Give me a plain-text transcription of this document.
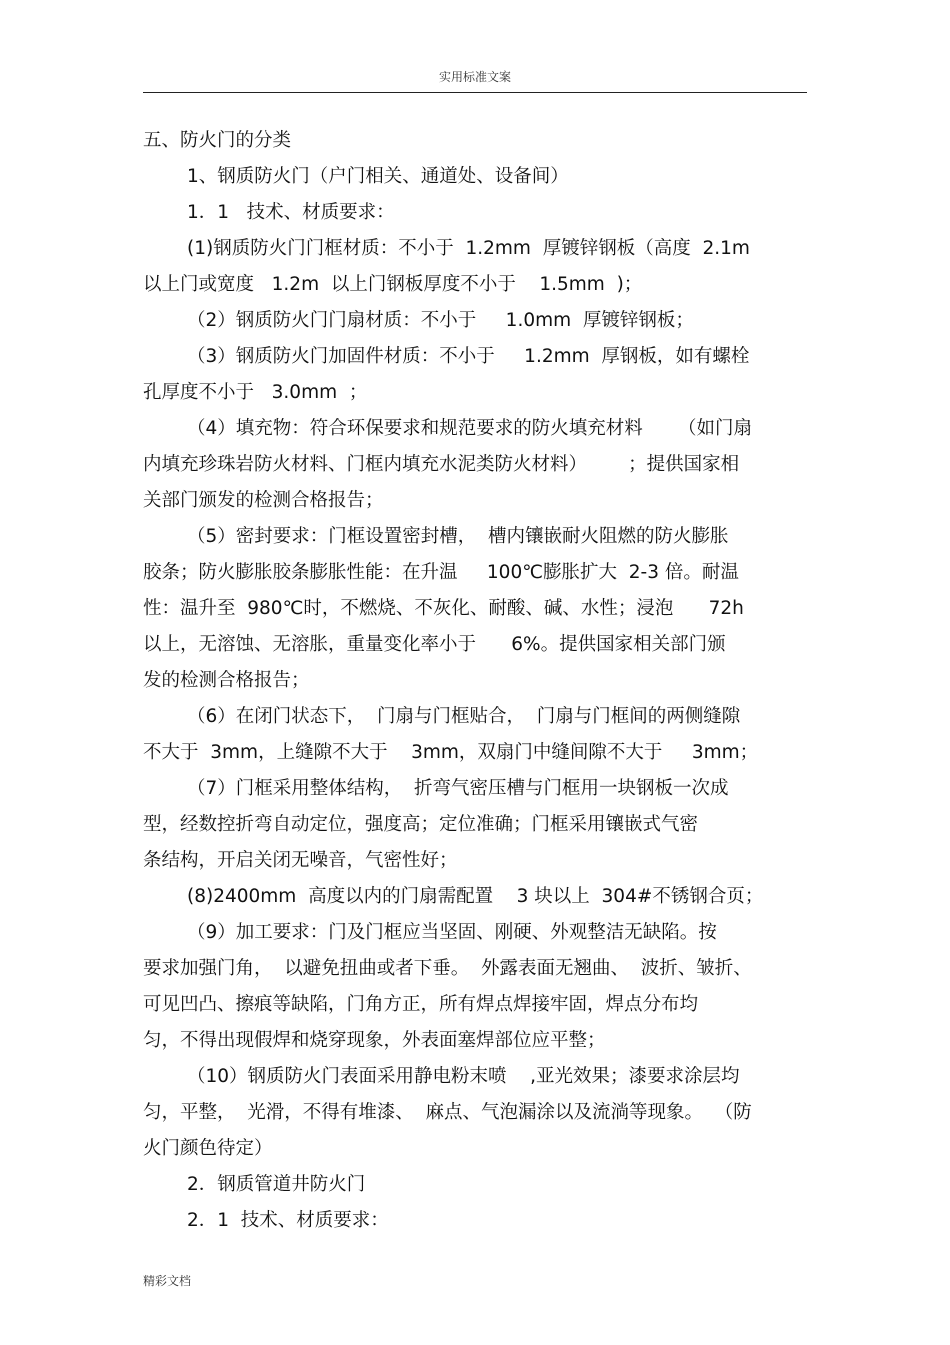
实用标准文案
五、防火门的分类
1、钢质防火门（户门相关、通道处、设备间）
1．1   技术、材质要求：
(1)钢质防火门门框材质：不小于  1.2mm  厚镀锌钢板（高度  2.1m
以上门或宽度   1.2m  以上门钢板厚度不小于    1.5mm  )；
（2）钢质防火门门扇材质：不小于     1.0mm  厚镀锌钢板；
（3）钢质防火门加固件材质：不小于     1.2mm  厚钢板，如有螺栓
孔厚度不小于   3.0mm  ；
（4）填充物：符合环保要求和规范要求的防火填充材料      （如门扇
内填充珍珠岩防火材料、门框内填充水泥类防火材料）       ；提供国家相
关部门颁发的检测合格报告；
（5）密封要求：门框设置密封槽，  槽内镶嵌耐火阻燃的防火膨胀
胶条；防火膨胀胶条膨胀性能：在升温     100℃膨胀扩大  2-3 倍。耐温
性：温升至  980℃时，不燃烧、不灰化、耐酸、碱、水性；浸泡      72h
以上，无溶蚀、无溶胀，重量变化率小于      6%。提供国家相关部门颁
发的检测合格报告；
（6）在闭门状态下，  门扇与门框贴合，  门扇与门框间的两侧缝隙
不大于  3mm，上缝隙不大于    3mm，双扇门中缝间隙不大于     3mm；
（7）门框采用整体结构，  折弯气密压槽与门框用一块钢板一次成
型，经数控折弯自动定位，强度高；定位准确；门框采用镶嵌式气密
条结构，开启关闭无噪音，气密性好；
(8)2400mm  高度以内的门扇需配置    3 块以上  304#不锈钢合页；
（9）加工要求：门及门框应当坚固、刚硬、外观整洁无缺陷。按
要求加强门角，  以避免扭曲或者下垂。  外露表面无翘曲、  波折、皱折、
可见凹凸、擦痕等缺陷，门角方正，所有焊点焊接牢固，焊点分布均
匀，不得出现假焊和烧穿现象，外表面塞焊部位应平整；
（10）钢质防火门表面采用静电粉末喷    ,亚光效果；漆要求涂层均
匀，平整，  光滑，不得有堆漆、  麻点、气泡漏涂以及流淌等现象。  （防
火门颜色待定）
2．钢质管道井防火门
2．1  技术、材质要求：
精彩文档
